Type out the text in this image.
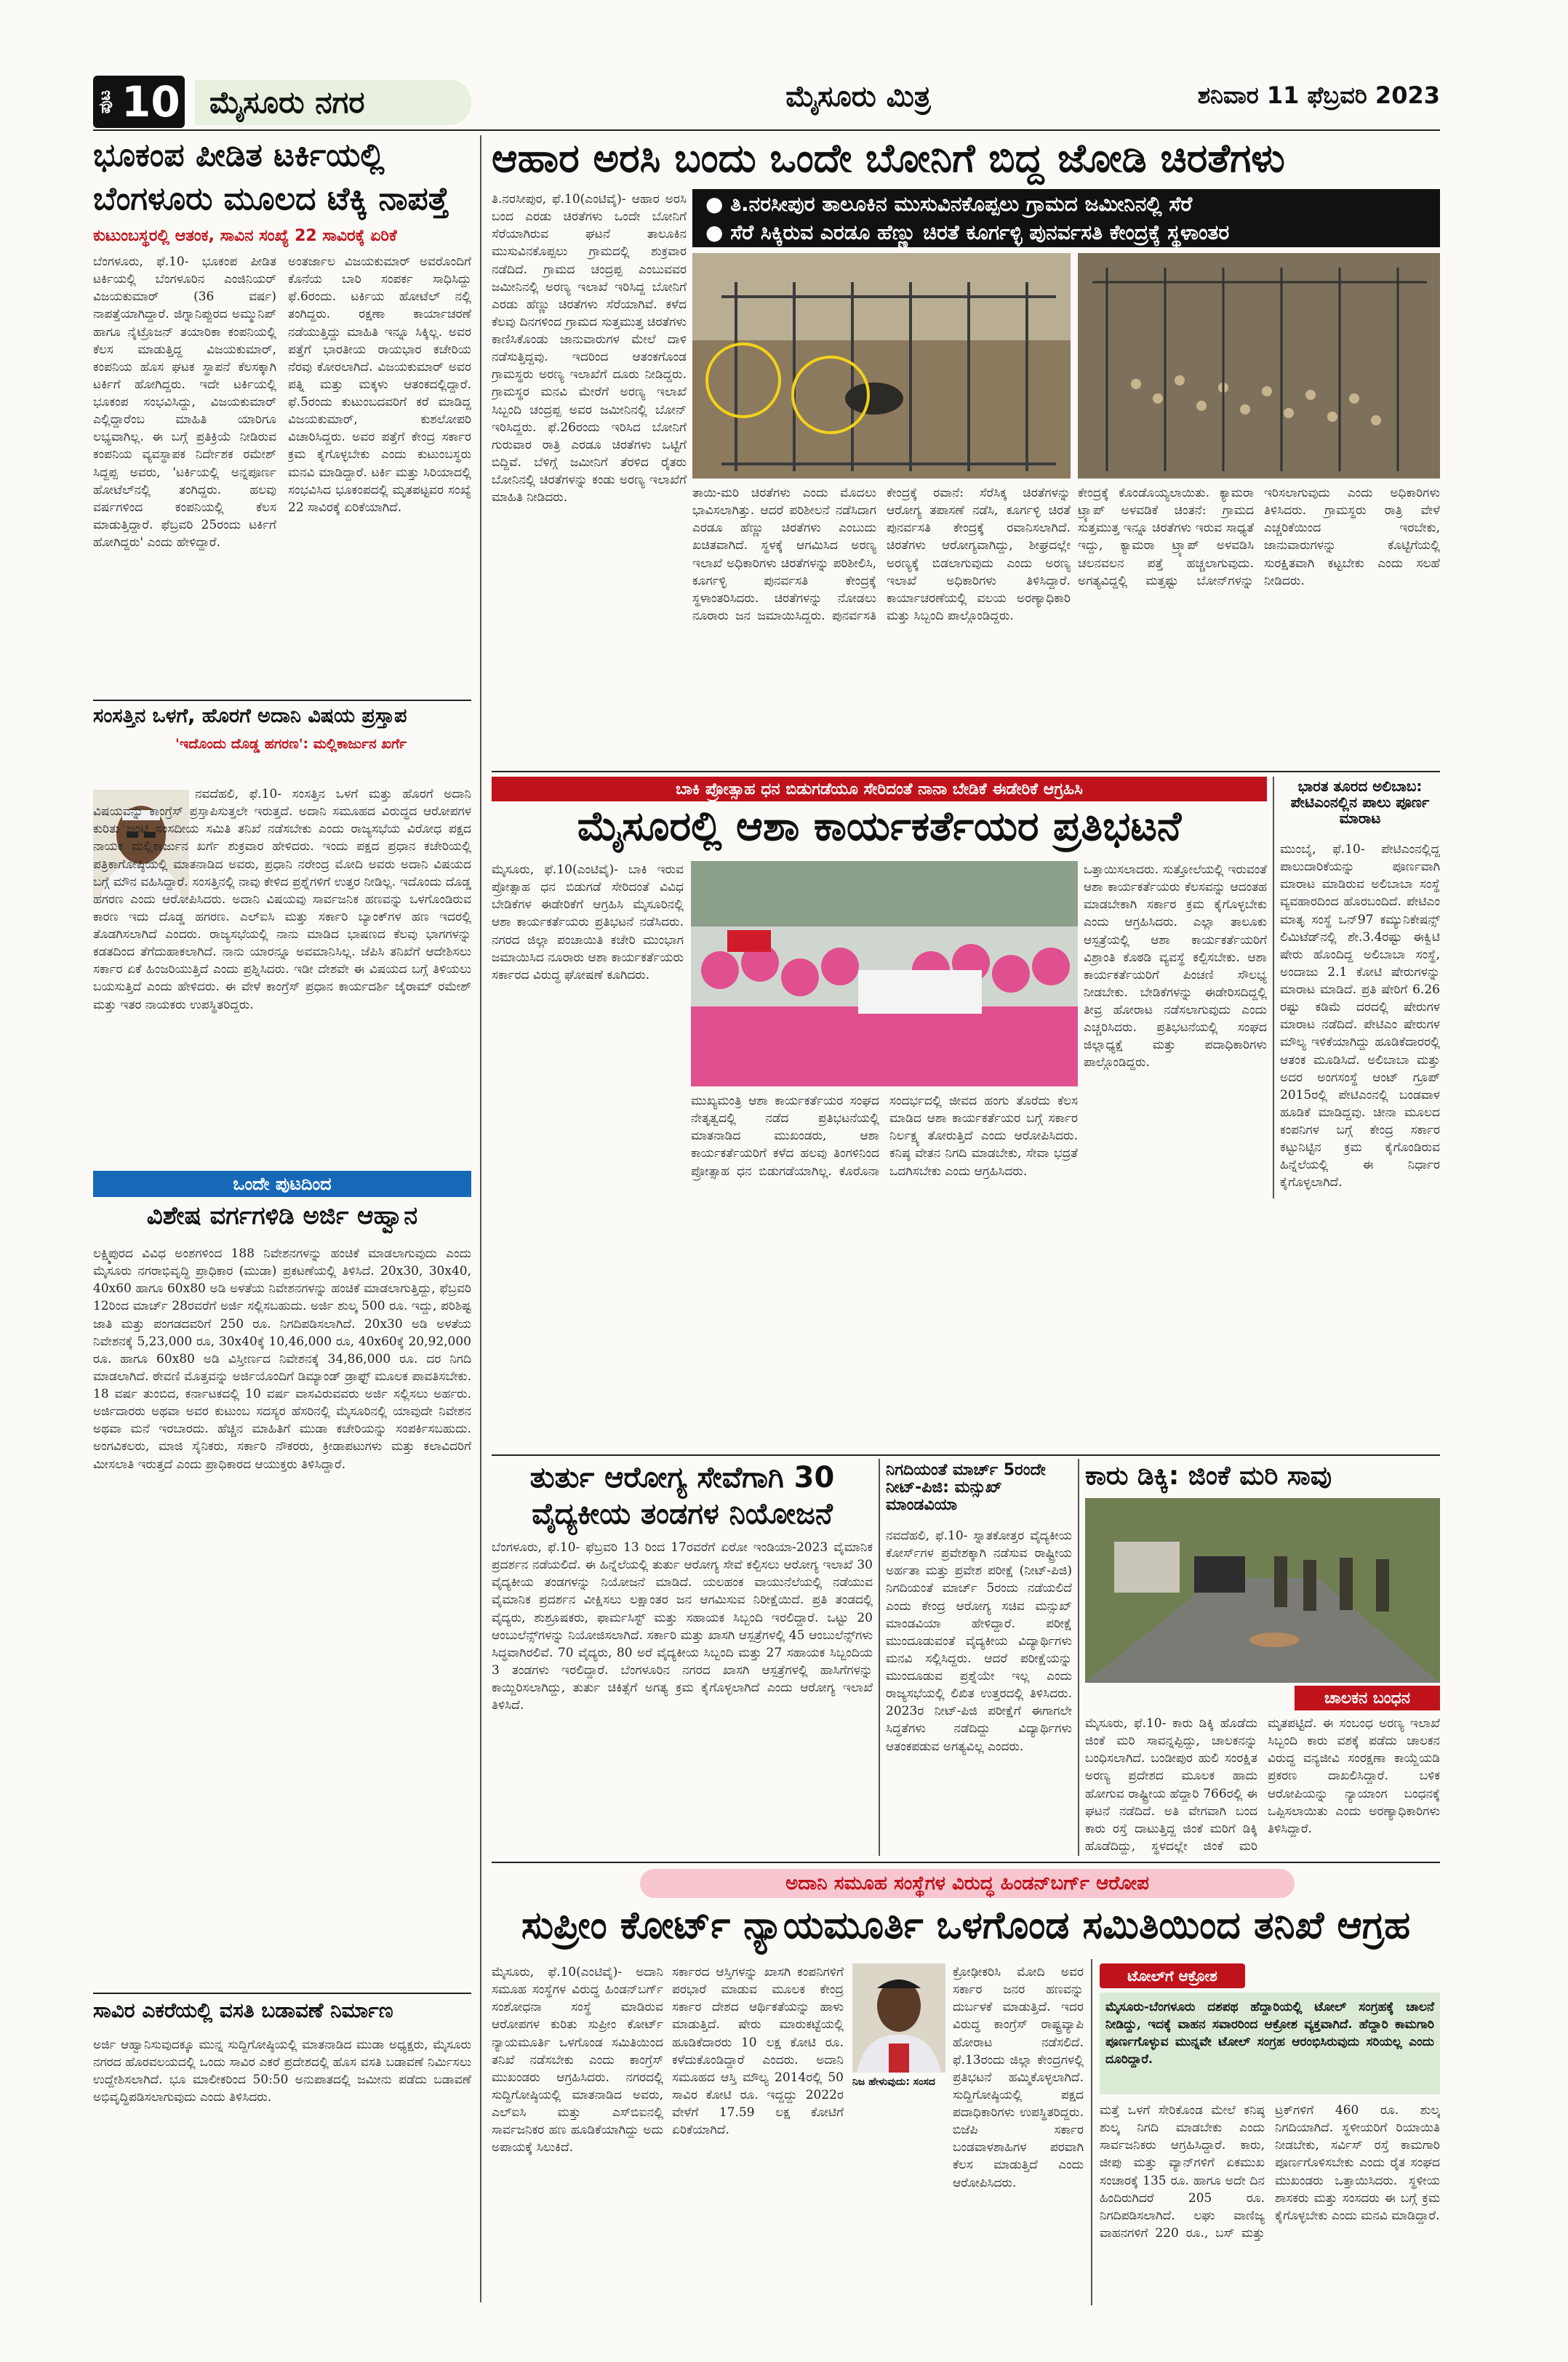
ಪುಟ 10 ಮೈಸೂರು ನಗರ	ಮೈಸೂರು ಮಿತ್ರ	ಶನಿವಾರ 11 ಫೆಬ್ರವರಿ 2023
ಭೂಕಂಪ ಪೀಡಿತ ಟರ್ಕಿಯಲ್ಲಿ
ಬೆಂಗಳೂರು ಮೂಲದ ಟೆಕ್ಕಿ ನಾಪತ್ತೆ
ಕುಟುಂಬಸ್ಥರಲ್ಲಿ ಆತಂಕ, ಸಾವಿನ ಸಂಖ್ಯೆ 22 ಸಾವಿರಕ್ಕೆ ಏರಿಕೆ
ಬೆಂಗಳೂರು, ಫೆ.10- ಭೂಕಂಪ ಪೀಡಿತ ಟರ್ಕಿಯಲ್ಲಿ ಬೆಂಗಳೂರಿನ ಎಂಜಿನಿಯರ್ ವಿಜಯಕುಮಾರ್ (36 ವರ್ಷ) ನಾಪತ್ತೆಯಾಗಿದ್ದಾರೆ. ಜಿಗ್ನಾನಿಪ್ಪುರದ ಅಮ್ಮುನಿಪ್ ಹಾಗೂ ನೈಟ್ರೊಜನ್ ತಯಾರಿಕಾ ಕಂಪನಿಯಲ್ಲಿ ಕೆಲಸ ಮಾಡುತ್ತಿದ್ದ ವಿಜಯಕುಮಾರ್, ಕಂಪನಿಯ ಹೊಸ ಘಟಕ ಸ್ಥಾಪನೆ ಕೆಲಸಕ್ಕಾಗಿ ಟರ್ಕಿಗೆ ಹೋಗಿದ್ದರು. ಇದೇ ಟರ್ಕಿಯಲ್ಲಿ ಭೂಕಂಪ ಸಂಭವಿಸಿದ್ದು, ವಿಜಯಕುಮಾರ್ ಎಲ್ಲಿದ್ದಾರೆಂಬ ಮಾಹಿತಿ ಯಾರಿಗೂ ಲಭ್ಯವಾಗಿಲ್ಲ. ಈ ಬಗ್ಗೆ ಪ್ರತಿಕ್ರಿಯೆ ನೀಡಿರುವ ಕಂಪನಿಯ ವ್ಯವಸ್ಥಾಪಕ ನಿರ್ದೇಶಕ ರಮೇಶ್ ಸಿದ್ದಪ್ಪ ಅವರು, 'ಟರ್ಕಿಯಲ್ಲಿ ಅನ್ನಪೂರ್ಣ ಹೋಟೆಲ್‌ನಲ್ಲಿ ತಂಗಿದ್ದರು. ಹಲವು ವರ್ಷಗಳಿಂದ ಕಂಪನಿಯಲ್ಲಿ ಕೆಲಸ ಮಾಡುತ್ತಿದ್ದಾರೆ. ಫೆಬ್ರವರಿ 25ರಂದು ಟರ್ಕಿಗೆ ಹೋಗಿದ್ದರು' ಎಂದು ಹೇಳಿದ್ದಾರೆ.
ಅಂತರ್ಜಾಲ ವಿಜಯಕುಮಾರ್ ಅವರೊಂದಿಗೆ ಕೊನೆಯ ಬಾರಿ ಸಂಪರ್ಕ ಸಾಧಿಸಿದ್ದು ಫೆ.6ರಂದು. ಟರ್ಕಿಯ ಹೋಟೆಲ್ ನಲ್ಲಿ ತಂಗಿದ್ದರು. ರಕ್ಷಣಾ ಕಾರ್ಯಾಚರಣೆ ನಡೆಯುತ್ತಿದ್ದು ಮಾಹಿತಿ ಇನ್ನೂ ಸಿಕ್ಕಿಲ್ಲ. ಅವರ ಪತ್ತೆಗೆ ಭಾರತೀಯ ರಾಯಭಾರ ಕಚೇರಿಯ ನೆರವು ಕೋರಲಾಗಿದೆ. ವಿಜಯಕುಮಾರ್ ಅವರ ಪತ್ನಿ ಮತ್ತು ಮಕ್ಕಳು ಆತಂಕದಲ್ಲಿದ್ದಾರೆ. ಫೆ.5ರಂದು ಕುಟುಂಬದವರಿಗೆ ಕರೆ ಮಾಡಿದ್ದ ವಿಜಯಕುಮಾರ್, ಕುಶಲೋಪರಿ ವಿಚಾರಿಸಿದ್ದರು. ಅವರ ಪತ್ತೆಗೆ ಕೇಂದ್ರ ಸರ್ಕಾರ ಕ್ರಮ ಕೈಗೊಳ್ಳಬೇಕು ಎಂದು ಕುಟುಂಬಸ್ಥರು ಮನವಿ ಮಾಡಿದ್ದಾರೆ. ಟರ್ಕಿ ಮತ್ತು ಸಿರಿಯಾದಲ್ಲಿ ಸಂಭವಿಸಿದ ಭೂಕಂಪದಲ್ಲಿ ಮೃತಪಟ್ಟವರ ಸಂಖ್ಯೆ 22 ಸಾವಿರಕ್ಕೆ ಏರಿಕೆಯಾಗಿದೆ.
ಸಂಸತ್ತಿನ ಒಳಗೆ, ಹೊರಗೆ ಅದಾನಿ ವಿಷಯ ಪ್ರಸ್ತಾಪ
'ಇದೊಂದು ದೊಡ್ಡ ಹಗರಣ': ಮಲ್ಲಿಕಾರ್ಜುನ ಖರ್ಗೆ
ನವದೆಹಲಿ, ಫೆ.10- ಸಂಸತ್ತಿನ ಒಳಗೆ ಮತ್ತು ಹೊರಗೆ ಅದಾನಿ ವಿಷಯವನ್ನು ಕಾಂಗ್ರೆಸ್ ಪ್ರಸ್ತಾಪಿಸುತ್ತಲೇ ಇರುತ್ತದೆ. ಅದಾನಿ ಸಮೂಹದ ವಿರುದ್ಧದ ಆರೋಪಗಳ ಕುರಿತು ಜಂಟಿ ಸಂಸದೀಯ ಸಮಿತಿ ತನಿಖೆ ನಡೆಸಬೇಕು ಎಂದು ರಾಜ್ಯಸಭೆಯ ವಿರೋಧ ಪಕ್ಷದ ನಾಯಕ ಮಲ್ಲಿಕಾರ್ಜುನ ಖರ್ಗೆ ಶುಕ್ರವಾರ ಹೇಳಿದರು. ಇಂದು ಪಕ್ಷದ ಪ್ರಧಾನ ಕಚೇರಿಯಲ್ಲಿ ಪತ್ರಿಕಾಗೋಷ್ಠಿಯಲ್ಲಿ ಮಾತನಾಡಿದ ಅವರು, ಪ್ರಧಾನಿ ನರೇಂದ್ರ ಮೋದಿ ಅವರು ಅದಾನಿ ವಿಷಯದ ಬಗ್ಗೆ ಮೌನ ವಹಿಸಿದ್ದಾರೆ. ಸಂಸತ್ತಿನಲ್ಲಿ ನಾವು ಕೇಳಿದ ಪ್ರಶ್ನೆಗಳಿಗೆ ಉತ್ತರ ನೀಡಿಲ್ಲ. ಇದೊಂದು ದೊಡ್ಡ ಹಗರಣ ಎಂದು ಆರೋಪಿಸಿದರು. ಅದಾನಿ ವಿಷಯವು ಸಾರ್ವಜನಿಕ ಹಣವನ್ನು ಒಳಗೊಂಡಿರುವ ಕಾರಣ ಇದು ದೊಡ್ಡ ಹಗರಣ. ಎಲ್‌ಐಸಿ ಮತ್ತು ಸರ್ಕಾರಿ ಬ್ಯಾಂಕ್‌ಗಳ ಹಣ ಇದರಲ್ಲಿ ತೊಡಗಿಸಲಾಗಿದೆ ಎಂದರು. ರಾಜ್ಯಸಭೆಯಲ್ಲಿ ನಾನು ಮಾಡಿದ ಭಾಷಣದ ಕೆಲವು ಭಾಗಗಳನ್ನು ಕಡತದಿಂದ ತೆಗೆದುಹಾಕಲಾಗಿದೆ. ನಾನು ಯಾರನ್ನೂ ಅವಮಾನಿಸಿಲ್ಲ. ಜೆಪಿಸಿ ತನಿಖೆಗೆ ಆದೇಶಿಸಲು ಸರ್ಕಾರ ಏಕೆ ಹಿಂಜರಿಯುತ್ತಿದೆ ಎಂದು ಪ್ರಶ್ನಿಸಿದರು. ಇಡೀ ದೇಶವೇ ಈ ವಿಷಯದ ಬಗ್ಗೆ ತಿಳಿಯಲು ಬಯಸುತ್ತಿದೆ ಎಂದು ಹೇಳಿದರು. ಈ ವೇಳೆ ಕಾಂಗ್ರೆಸ್ ಪ್ರಧಾನ ಕಾರ್ಯದರ್ಶಿ ಜೈರಾಮ್ ರಮೇಶ್ ಮತ್ತು ಇತರ ನಾಯಕರು ಉಪಸ್ಥಿತರಿದ್ದರು.
ಒಂದೇ ಪುಟದಿಂದ
ವಿಶೇಷ ವರ್ಗಗಳಿಡಿ ಅರ್ಜಿ ಆಹ್ವಾನ
ಲಕ್ಷ್ಮಿಪುರದ ವಿವಿಧ ಅಂಶಗಳಿಂದ 188 ನಿವೇಶನಗಳನ್ನು ಹಂಚಿಕೆ ಮಾಡಲಾಗುವುದು ಎಂದು ಮೈಸೂರು ನಗರಾಭಿವೃದ್ಧಿ ಪ್ರಾಧಿಕಾರ (ಮುಡಾ) ಪ್ರಕಟಣೆಯಲ್ಲಿ ತಿಳಿಸಿದೆ. 20x30, 30x40, 40x60 ಹಾಗೂ 60x80 ಅಡಿ ಅಳತೆಯ ನಿವೇಶನಗಳನ್ನು ಹಂಚಿಕೆ ಮಾಡಲಾಗುತ್ತಿದ್ದು, ಫೆಬ್ರವರಿ 12ರಿಂದ ಮಾರ್ಚ್ 28ರವರೆಗೆ ಅರ್ಜಿ ಸಲ್ಲಿಸಬಹುದು. ಅರ್ಜಿ ಶುಲ್ಕ 500 ರೂ. ಇದ್ದು, ಪರಿಶಿಷ್ಟ ಜಾತಿ ಮತ್ತು ಪಂಗಡದವರಿಗೆ 250 ರೂ. ನಿಗದಿಪಡಿಸಲಾಗಿದೆ. 20x30 ಅಡಿ ಅಳತೆಯ ನಿವೇಶನಕ್ಕೆ 5,23,000 ರೂ, 30x40ಕ್ಕೆ 10,46,000 ರೂ, 40x60ಕ್ಕೆ 20,92,000 ರೂ. ಹಾಗೂ 60x80 ಅಡಿ ವಿಸ್ತೀರ್ಣದ ನಿವೇಶನಕ್ಕೆ 34,86,000 ರೂ. ದರ ನಿಗದಿ ಮಾಡಲಾಗಿದೆ. ಠೇವಣಿ ಮೊತ್ತವನ್ನು ಅರ್ಜಿಯೊಂದಿಗೆ ಡಿಮ್ಯಾಂಡ್ ಡ್ರಾಫ್ಟ್ ಮೂಲಕ ಪಾವತಿಸಬೇಕು. 18 ವರ್ಷ ತುಂಬಿದ, ಕರ್ನಾಟಕದಲ್ಲಿ 10 ವರ್ಷ ವಾಸವಿರುವವರು ಅರ್ಜಿ ಸಲ್ಲಿಸಲು ಅರ್ಹರು. ಅರ್ಜಿದಾರರು ಅಥವಾ ಅವರ ಕುಟುಂಬ ಸದಸ್ಯರ ಹೆಸರಿನಲ್ಲಿ ಮೈಸೂರಿನಲ್ಲಿ ಯಾವುದೇ ನಿವೇಶನ ಅಥವಾ ಮನೆ ಇರಬಾರದು. ಹೆಚ್ಚಿನ ಮಾಹಿತಿಗೆ ಮುಡಾ ಕಚೇರಿಯನ್ನು ಸಂಪರ್ಕಿಸಬಹುದು. ಅಂಗವಿಕಲರು, ಮಾಜಿ ಸೈನಿಕರು, ಸರ್ಕಾರಿ ನೌಕರರು, ಕ್ರೀಡಾಪಟುಗಳು ಮತ್ತು ಕಲಾವಿದರಿಗೆ ಮೀಸಲಾತಿ ಇರುತ್ತದೆ ಎಂದು ಪ್ರಾಧಿಕಾರದ ಆಯುಕ್ತರು ತಿಳಿಸಿದ್ದಾರೆ.
ಸಾವಿರ ಎಕರೆಯಲ್ಲಿ ವಸತಿ ಬಡಾವಣೆ ನಿರ್ಮಾಣ
ಅರ್ಜಿ ಆಹ್ವಾನಿಸುವುದಕ್ಕೂ ಮುನ್ನ ಸುದ್ದಿಗೋಷ್ಠಿಯಲ್ಲಿ ಮಾತನಾಡಿದ ಮುಡಾ ಅಧ್ಯಕ್ಷರು, ಮೈಸೂರು ನಗರದ ಹೊರವಲಯದಲ್ಲಿ ಒಂದು ಸಾವಿರ ಎಕರೆ ಪ್ರದೇಶದಲ್ಲಿ ಹೊಸ ವಸತಿ ಬಡಾವಣೆ ನಿರ್ಮಿಸಲು ಉದ್ದೇಶಿಸಲಾಗಿದೆ. ಭೂ ಮಾಲೀಕರಿಂದ 50:50 ಅನುಪಾತದಲ್ಲಿ ಜಮೀನು ಪಡೆದು ಬಡಾವಣೆ ಅಭಿವೃದ್ಧಿಪಡಿಸಲಾಗುವುದು ಎಂದು ತಿಳಿಸಿದರು.
ಆಹಾರ ಅರಸಿ ಬಂದು ಒಂದೇ ಬೋನಿಗೆ ಬಿದ್ದ ಜೋಡಿ ಚಿರತೆಗಳು
ತಿ.ನರಸೀಪುರ, ಫೆ.10(ಎಂಟಿವೈ)- ಆಹಾರ ಅರಸಿ ಬಂದ ಎರಡು ಚಿರತೆಗಳು ಒಂದೇ ಬೋನಿಗೆ ಸೆರೆಯಾಗಿರುವ ಘಟನೆ ತಾಲೂಕಿನ ಮುಸುವಿನಕೊಪ್ಪಲು ಗ್ರಾಮದಲ್ಲಿ ಶುಕ್ರವಾರ ನಡೆದಿದೆ. ಗ್ರಾಮದ ಚಂದ್ರಪ್ಪ ಎಂಬುವವರ ಜಮೀನಿನಲ್ಲಿ ಅರಣ್ಯ ಇಲಾಖೆ ಇರಿಸಿದ್ದ ಬೋನಿಗೆ ಎರಡು ಹೆಣ್ಣು ಚಿರತೆಗಳು ಸೆರೆಯಾಗಿವೆ. ಕಳೆದ ಕೆಲವು ದಿನಗಳಿಂದ ಗ್ರಾಮದ ಸುತ್ತಮುತ್ತ ಚಿರತೆಗಳು ಕಾಣಿಸಿಕೊಂಡು ಜಾನುವಾರುಗಳ ಮೇಲೆ ದಾಳಿ ನಡೆಸುತ್ತಿದ್ದವು. ಇದರಿಂದ ಆತಂಕಗೊಂಡ ಗ್ರಾಮಸ್ಥರು ಅರಣ್ಯ ಇಲಾಖೆಗೆ ದೂರು ನೀಡಿದ್ದರು. ಗ್ರಾಮಸ್ಥರ ಮನವಿ ಮೇರೆಗೆ ಅರಣ್ಯ ಇಲಾಖೆ ಸಿಬ್ಬಂದಿ ಚಂದ್ರಪ್ಪ ಅವರ ಜಮೀನಿನಲ್ಲಿ ಬೋನ್ ಇರಿಸಿದ್ದರು. ಫೆ.26ರಂದು ಇರಿಸಿದ ಬೋನಿಗೆ ಗುರುವಾರ ರಾತ್ರಿ ಎರಡೂ ಚಿರತೆಗಳು ಒಟ್ಟಿಗೆ ಬಿದ್ದಿವೆ. ಬೆಳಿಗ್ಗೆ ಜಮೀನಿಗೆ ತೆರಳಿದ ರೈತರು ಬೋನಿನಲ್ಲಿ ಚಿರತೆಗಳನ್ನು ಕಂಡು ಅರಣ್ಯ ಇಲಾಖೆಗೆ ಮಾಹಿತಿ ನೀಡಿದರು.
● ತಿ.ನರಸೀಪುರ ತಾಲೂಕಿನ ಮುಸುವಿನಕೊಪ್ಪಲು ಗ್ರಾಮದ ಜಮೀನಿನಲ್ಲಿ ಸೆರೆ
● ಸೆರೆ ಸಿಕ್ಕಿರುವ ಎರಡೂ ಹೆಣ್ಣು ಚಿರತೆ ಕೂರ್ಗಳ್ಳಿ ಪುನರ್ವಸತಿ ಕೇಂದ್ರಕ್ಕೆ ಸ್ಥಳಾಂತರ
ತಾಯಿ-ಮರಿ ಚಿರತೆಗಳು ಎಂದು ಮೊದಲು ಭಾವಿಸಲಾಗಿತ್ತು. ಆದರೆ ಪರಿಶೀಲನೆ ನಡೆಸಿದಾಗ ಎರಡೂ ಹೆಣ್ಣು ಚಿರತೆಗಳು ಎಂಬುದು ಖಚಿತವಾಗಿದೆ. ಸ್ಥಳಕ್ಕೆ ಆಗಮಿಸಿದ ಅರಣ್ಯ ಇಲಾಖೆ ಅಧಿಕಾರಿಗಳು ಚಿರತೆಗಳನ್ನು ಪರಿಶೀಲಿಸಿ, ಕೂರ್ಗಳ್ಳಿ ಪುನರ್ವಸತಿ ಕೇಂದ್ರಕ್ಕೆ ಸ್ಥಳಾಂತರಿಸಿದರು. ಚಿರತೆಗಳನ್ನು ನೋಡಲು ನೂರಾರು ಜನ ಜಮಾಯಿಸಿದ್ದರು. ಪುನರ್ವಸತಿ ಕೇಂದ್ರಕ್ಕೆ ರವಾನೆ: ಸೆರೆಸಿಕ್ಕ ಚಿರತೆಗಳನ್ನು ಆರೋಗ್ಯ ತಪಾಸಣೆ ನಡೆಸಿ, ಕೂರ್ಗಳ್ಳಿ ಚಿರತೆ ಪುನರ್ವಸತಿ ಕೇಂದ್ರಕ್ಕೆ ರವಾನಿಸಲಾಗಿದೆ. ಚಿರತೆಗಳು ಆರೋಗ್ಯವಾಗಿದ್ದು, ಶೀಘ್ರದಲ್ಲೇ ಅರಣ್ಯಕ್ಕೆ ಬಿಡಲಾಗುವುದು ಎಂದು ಅರಣ್ಯ ಇಲಾಖೆ ಅಧಿಕಾರಿಗಳು ತಿಳಿಸಿದ್ದಾರೆ. ಕಾರ್ಯಾಚರಣೆಯಲ್ಲಿ ವಲಯ ಅರಣ್ಯಾಧಿಕಾರಿ ಮತ್ತು ಸಿಬ್ಬಂದಿ ಪಾಲ್ಗೊಂಡಿದ್ದರು.
ಕೇಂದ್ರಕ್ಕೆ ಕೊಂಡೊಯ್ಯಲಾಯಿತು. ಕ್ಯಾಮರಾ ಟ್ರ್ಯಾಪ್ ಅಳವಡಿಕೆ ಚಿಂತನೆ: ಗ್ರಾಮದ ಸುತ್ತಮುತ್ತ ಇನ್ನೂ ಚಿರತೆಗಳು ಇರುವ ಸಾಧ್ಯತೆ ಇದ್ದು, ಕ್ಯಾಮರಾ ಟ್ರ್ಯಾಪ್ ಅಳವಡಿಸಿ ಚಲನವಲನ ಪತ್ತೆ ಹಚ್ಚಲಾಗುವುದು. ಅಗತ್ಯವಿದ್ದಲ್ಲಿ ಮತ್ತಷ್ಟು ಬೋನ್‌ಗಳನ್ನು ಇರಿಸಲಾಗುವುದು ಎಂದು ಅಧಿಕಾರಿಗಳು ತಿಳಿಸಿದರು. ಗ್ರಾಮಸ್ಥರು ರಾತ್ರಿ ವೇಳೆ ಎಚ್ಚರಿಕೆಯಿಂದ ಇರಬೇಕು, ಜಾನುವಾರುಗಳನ್ನು ಕೊಟ್ಟಿಗೆಯಲ್ಲಿ ಸುರಕ್ಷಿತವಾಗಿ ಕಟ್ಟಬೇಕು ಎಂದು ಸಲಹೆ ನೀಡಿದರು.
ಬಾಕಿ ಪ್ರೋತ್ಸಾಹ ಧನ ಬಿಡುಗಡೆಯೂ ಸೇರಿದಂತೆ ನಾನಾ ಬೇಡಿಕೆ ಈಡೇರಿಕೆ ಆಗ್ರಹಿಸಿ
ಮೈಸೂರಲ್ಲಿ ಆಶಾ ಕಾರ್ಯಕರ್ತೆಯರ ಪ್ರತಿಭಟನೆ
ಮೈಸೂರು, ಫೆ.10(ಎಂಟಿವೈ)- ಬಾಕಿ ಇರುವ ಪ್ರೋತ್ಸಾಹ ಧನ ಬಿಡುಗಡೆ ಸೇರಿದಂತೆ ವಿವಿಧ ಬೇಡಿಕೆಗಳ ಈಡೇರಿಕೆಗೆ ಆಗ್ರಹಿಸಿ ಮೈಸೂರಿನಲ್ಲಿ ಆಶಾ ಕಾರ್ಯಕರ್ತೆಯರು ಪ್ರತಿಭಟನೆ ನಡೆಸಿದರು. ನಗರದ ಜಿಲ್ಲಾ ಪಂಚಾಯಿತಿ ಕಚೇರಿ ಮುಂಭಾಗ ಜಮಾಯಿಸಿದ ನೂರಾರು ಆಶಾ ಕಾರ್ಯಕರ್ತೆಯರು ಸರ್ಕಾರದ ವಿರುದ್ಧ ಘೋಷಣೆ ಕೂಗಿದರು.
ಮುಖ್ಯಮಂತ್ರಿ ಆಶಾ ಕಾರ್ಯಕರ್ತೆಯರ ಸಂಘದ ನೇತೃತ್ವದಲ್ಲಿ ನಡೆದ ಪ್ರತಿಭಟನೆಯಲ್ಲಿ ಮಾತನಾಡಿದ ಮುಖಂಡರು, ಆಶಾ ಕಾರ್ಯಕರ್ತೆಯರಿಗೆ ಕಳೆದ ಹಲವು ತಿಂಗಳಿನಿಂದ ಪ್ರೋತ್ಸಾಹ ಧನ ಬಿಡುಗಡೆಯಾಗಿಲ್ಲ. ಕೊರೊನಾ ಸಂದರ್ಭದಲ್ಲಿ ಜೀವದ ಹಂಗು ತೊರೆದು ಕೆಲಸ ಮಾಡಿದ ಆಶಾ ಕಾರ್ಯಕರ್ತೆಯರ ಬಗ್ಗೆ ಸರ್ಕಾರ ನಿರ್ಲಕ್ಷ್ಯ ತೋರುತ್ತಿದೆ ಎಂದು ಆರೋಪಿಸಿದರು. ಕನಿಷ್ಠ ವೇತನ ನಿಗದಿ ಮಾಡಬೇಕು, ಸೇವಾ ಭದ್ರತೆ ಒದಗಿಸಬೇಕು ಎಂದು ಆಗ್ರಹಿಸಿದರು.
ಒತ್ತಾಯಿಸಲಾದರು. ಸುತ್ತೋಲೆಯಲ್ಲಿ ಇರುವಂತೆ ಆಶಾ ಕಾರ್ಯಕರ್ತೆಯರು ಕೆಲಸವನ್ನು ಆದಂತಹ ಮಾಡಬೇಕಾಗಿ ಸರ್ಕಾರ ಕ್ರಮ ಕೈಗೊಳ್ಳಬೇಕು ಎಂದು ಆಗ್ರಹಿಸಿದರು. ಎಲ್ಲಾ ತಾಲೂಕು ಆಸ್ಪತ್ರೆಯಲ್ಲಿ ಆಶಾ ಕಾರ್ಯಕರ್ತೆಯರಿಗೆ ವಿಶ್ರಾಂತಿ ಕೊಠಡಿ ವ್ಯವಸ್ಥೆ ಕಲ್ಪಿಸಬೇಕು. ಆಶಾ ಕಾರ್ಯಕರ್ತೆಯರಿಗೆ ಪಿಂಚಣಿ ಸೌಲಭ್ಯ ನೀಡಬೇಕು. ಬೇಡಿಕೆಗಳನ್ನು ಈಡೇರಿಸದಿದ್ದಲ್ಲಿ ತೀವ್ರ ಹೋರಾಟ ನಡೆಸಲಾಗುವುದು ಎಂದು ಎಚ್ಚರಿಸಿದರು. ಪ್ರತಿಭಟನೆಯಲ್ಲಿ ಸಂಘದ ಜಿಲ್ಲಾಧ್ಯಕ್ಷೆ ಮತ್ತು ಪದಾಧಿಕಾರಿಗಳು ಪಾಲ್ಗೊಂಡಿದ್ದರು.
ಭಾರತ ತೂರದ ಅಲಿಬಾಬ: ಪೇಟಿಎಂನಲ್ಲಿನ ಪಾಲು ಪೂರ್ಣ ಮಾರಾಟ
ಮುಂಬೈ, ಫೆ.10- ಪೇಟಿಎಂನಲ್ಲಿದ್ದ ಪಾಲುದಾರಿಕೆಯನ್ನು ಪೂರ್ಣವಾಗಿ ಮಾರಾಟ ಮಾಡಿರುವ ಅಲಿಬಾಬಾ ಸಂಸ್ಥೆ ವ್ಯವಹಾರದಿಂದ ಹೊರಬಂದಿದೆ. ಪೇಟಿಎಂ ಮಾತೃ ಸಂಸ್ಥೆ ಒನ್97 ಕಮ್ಯುನಿಕೇಷನ್ಸ್ ಲಿಮಿಟೆಡ್‌ನಲ್ಲಿ ಶೇ.3.4ರಷ್ಟು ಈಕ್ವಿಟಿ ಷೇರು ಹೊಂದಿದ್ದ ಅಲಿಬಾಬಾ ಸಂಸ್ಥೆ, ಅಂದಾಜು 2.1 ಕೋಟಿ ಷೇರುಗಳನ್ನು ಮಾರಾಟ ಮಾಡಿದೆ. ಪ್ರತಿ ಷೇರಿಗೆ 6.26 ರಷ್ಟು ಕಡಿಮೆ ದರದಲ್ಲಿ ಷೇರುಗಳ ಮಾರಾಟ ನಡೆದಿದೆ. ಪೇಟಿಎಂ ಷೇರುಗಳ ಮೌಲ್ಯ ಇಳಿಕೆಯಾಗಿದ್ದು ಹೂಡಿಕೆದಾರರಲ್ಲಿ ಆತಂಕ ಮೂಡಿಸಿದೆ. ಅಲಿಬಾಬಾ ಮತ್ತು ಅದರ ಅಂಗಸಂಸ್ಥೆ ಆಂಟ್ ಗ್ರೂಪ್ 2015ರಲ್ಲಿ ಪೇಟಿಎಂನಲ್ಲಿ ಬಂಡವಾಳ ಹೂಡಿಕೆ ಮಾಡಿದ್ದವು. ಚೀನಾ ಮೂಲದ ಕಂಪನಿಗಳ ಬಗ್ಗೆ ಕೇಂದ್ರ ಸರ್ಕಾರ ಕಟ್ಟುನಿಟ್ಟಿನ ಕ್ರಮ ಕೈಗೊಂಡಿರುವ ಹಿನ್ನೆಲೆಯಲ್ಲಿ ಈ ನಿರ್ಧಾರ ಕೈಗೊಳ್ಳಲಾಗಿದೆ.
ತುರ್ತು ಆರೋಗ್ಯ ಸೇವೆಗಾಗಿ 30
ವೈದ್ಯಕೀಯ ತಂಡಗಳ ನಿಯೋಜನೆ
ಬೆಂಗಳೂರು, ಫೆ.10- ಫೆಬ್ರವರಿ 13 ರಿಂದ 17ರವರೆಗೆ ಏರೋ ಇಂಡಿಯಾ-2023 ವೈಮಾನಿಕ ಪ್ರದರ್ಶನ ನಡೆಯಲಿದೆ. ಈ ಹಿನ್ನೆಲೆಯಲ್ಲಿ ತುರ್ತು ಆರೋಗ್ಯ ಸೇವೆ ಕಲ್ಪಿಸಲು ಆರೋಗ್ಯ ಇಲಾಖೆ 30 ವೈದ್ಯಕೀಯ ತಂಡಗಳನ್ನು ನಿಯೋಜನೆ ಮಾಡಿದೆ. ಯಲಹಂಕ ವಾಯುನೆಲೆಯಲ್ಲಿ ನಡೆಯುವ ವೈಮಾನಿಕ ಪ್ರದರ್ಶನ ವೀಕ್ಷಿಸಲು ಲಕ್ಷಾಂತರ ಜನ ಆಗಮಿಸುವ ನಿರೀಕ್ಷೆಯಿದೆ. ಪ್ರತಿ ತಂಡದಲ್ಲಿ ವೈದ್ಯರು, ಶುಶ್ರೂಷಕರು, ಫಾರ್ಮಸಿಸ್ಟ್ ಮತ್ತು ಸಹಾಯಕ ಸಿಬ್ಬಂದಿ ಇರಲಿದ್ದಾರೆ. ಒಟ್ಟು 20 ಆಂಬುಲೆನ್ಸ್‌ಗಳನ್ನು ನಿಯೋಜಿಸಲಾಗಿದೆ. ಸರ್ಕಾರಿ ಮತ್ತು ಖಾಸಗಿ ಆಸ್ಪತ್ರೆಗಳಲ್ಲಿ 45 ಆಂಬುಲೆನ್ಸ್‌ಗಳು ಸಿದ್ಧವಾಗಿರಲಿವೆ. 70 ವೈದ್ಯರು, 80 ಅರೆ ವೈದ್ಯಕೀಯ ಸಿಬ್ಬಂದಿ ಮತ್ತು 27 ಸಹಾಯಕ ಸಿಬ್ಬಂದಿಯ 3 ತಂಡಗಳು ಇರಲಿದ್ದಾರೆ. ಬೆಂಗಳೂರಿನ ನಗರದ ಖಾಸಗಿ ಆಸ್ಪತ್ರೆಗಳಲ್ಲಿ ಹಾಸಿಗೆಗಳನ್ನು ಕಾಯ್ದಿರಿಸಲಾಗಿದ್ದು, ತುರ್ತು ಚಿಕಿತ್ಸೆಗೆ ಅಗತ್ಯ ಕ್ರಮ ಕೈಗೊಳ್ಳಲಾಗಿದೆ ಎಂದು ಆರೋಗ್ಯ ಇಲಾಖೆ ತಿಳಿಸಿದೆ.
ನಿಗದಿಯಂತೆ ಮಾರ್ಚ್ 5ರಂದೇ ನೀಟ್-ಪಿಜಿ: ಮನ್ಸುಖ್ ಮಾಂಡವಿಯಾ
ನವದೆಹಲಿ, ಫೆ.10- ಸ್ನಾತಕೋತ್ತರ ವೈದ್ಯಕೀಯ ಕೋರ್ಸ್‌ಗಳ ಪ್ರವೇಶಕ್ಕಾಗಿ ನಡೆಸುವ ರಾಷ್ಟ್ರೀಯ ಅರ್ಹತಾ ಮತ್ತು ಪ್ರವೇಶ ಪರೀಕ್ಷೆ (ನೀಟ್-ಪಿಜಿ) ನಿಗದಿಯಂತೆ ಮಾರ್ಚ್ 5ರಂದು ನಡೆಯಲಿದೆ ಎಂದು ಕೇಂದ್ರ ಆರೋಗ್ಯ ಸಚಿವ ಮನ್ಸುಖ್ ಮಾಂಡವಿಯಾ ಹೇಳಿದ್ದಾರೆ. ಪರೀಕ್ಷೆ ಮುಂದೂಡುವಂತೆ ವೈದ್ಯಕೀಯ ವಿದ್ಯಾರ್ಥಿಗಳು ಮನವಿ ಸಲ್ಲಿಸಿದ್ದರು. ಆದರೆ ಪರೀಕ್ಷೆಯನ್ನು ಮುಂದೂಡುವ ಪ್ರಶ್ನೆಯೇ ಇಲ್ಲ ಎಂದು ರಾಜ್ಯಸಭೆಯಲ್ಲಿ ಲಿಖಿತ ಉತ್ತರದಲ್ಲಿ ತಿಳಿಸಿದರು. 2023ರ ನೀಟ್-ಪಿಜಿ ಪರೀಕ್ಷೆಗೆ ಈಗಾಗಲೇ ಸಿದ್ಧತೆಗಳು ನಡೆದಿದ್ದು ವಿದ್ಯಾರ್ಥಿಗಳು ಆತಂಕಪಡುವ ಅಗತ್ಯವಿಲ್ಲ ಎಂದರು.
ಕಾರು ಡಿಕ್ಕಿ: ಜಿಂಕೆ ಮರಿ ಸಾವು
ಚಾಲಕನ ಬಂಧನ
ಮೈಸೂರು, ಫೆ.10- ಕಾರು ಡಿಕ್ಕಿ ಹೊಡೆದು ಜಿಂಕೆ ಮರಿ ಸಾವನ್ನಪ್ಪಿದ್ದು, ಚಾಲಕನನ್ನು ಬಂಧಿಸಲಾಗಿದೆ. ಬಂಡೀಪುರ ಹುಲಿ ಸಂರಕ್ಷಿತ ಅರಣ್ಯ ಪ್ರದೇಶದ ಮೂಲಕ ಹಾದು ಹೋಗುವ ರಾಷ್ಟ್ರೀಯ ಹೆದ್ದಾರಿ 766ರಲ್ಲಿ ಈ ಘಟನೆ ನಡೆದಿದೆ. ಅತಿ ವೇಗವಾಗಿ ಬಂದ ಕಾರು ರಸ್ತೆ ದಾಟುತ್ತಿದ್ದ ಜಿಂಕೆ ಮರಿಗೆ ಡಿಕ್ಕಿ ಹೊಡೆದಿದ್ದು, ಸ್ಥಳದಲ್ಲೇ ಜಿಂಕೆ ಮರಿ ಮೃತಪಟ್ಟಿದೆ. ಈ ಸಂಬಂಧ ಅರಣ್ಯ ಇಲಾಖೆ ಸಿಬ್ಬಂದಿ ಕಾರು ವಶಕ್ಕೆ ಪಡೆದು ಚಾಲಕನ ವಿರುದ್ಧ ವನ್ಯಜೀವಿ ಸಂರಕ್ಷಣಾ ಕಾಯ್ದೆಯಡಿ ಪ್ರಕರಣ ದಾಖಲಿಸಿದ್ದಾರೆ. ಬಳಿಕ ಆರೋಪಿಯನ್ನು ನ್ಯಾಯಾಂಗ ಬಂಧನಕ್ಕೆ ಒಪ್ಪಿಸಲಾಯಿತು ಎಂದು ಅರಣ್ಯಾಧಿಕಾರಿಗಳು ತಿಳಿಸಿದ್ದಾರೆ.
ಅದಾನಿ ಸಮೂಹ ಸಂಸ್ಥೆಗಳ ವಿರುದ್ಧ ಹಿಂಡನ್‌ಬರ್ಗ್ ಆರೋಪ
ಸುಪ್ರೀಂ ಕೋರ್ಟ್ ನ್ಯಾಯಮೂರ್ತಿ ಒಳಗೊಂಡ ಸಮಿತಿಯಿಂದ ತನಿಖೆ ಆಗ್ರಹ
ಮೈಸೂರು, ಫೆ.10(ಎಂಟಿವೈ)- ಅದಾನಿ ಸಮೂಹ ಸಂಸ್ಥೆಗಳ ವಿರುದ್ಧ ಹಿಂಡನ್‌ಬರ್ಗ್ ಸಂಶೋಧನಾ ಸಂಸ್ಥೆ ಮಾಡಿರುವ ಆರೋಪಗಳ ಕುರಿತು ಸುಪ್ರೀಂ ಕೋರ್ಟ್ ನ್ಯಾಯಮೂರ್ತಿ ಒಳಗೊಂಡ ಸಮಿತಿಯಿಂದ ತನಿಖೆ ನಡೆಸಬೇಕು ಎಂದು ಕಾಂಗ್ರೆಸ್ ಮುಖಂಡರು ಆಗ್ರಹಿಸಿದರು. ನಗರದಲ್ಲಿ ಸುದ್ದಿಗೋಷ್ಠಿಯಲ್ಲಿ ಮಾತನಾಡಿದ ಅವರು, ಎಲ್‌ಐಸಿ ಮತ್ತು ಎಸ್‌ಬಿಐನಲ್ಲಿ ಸಾರ್ವಜನಿಕರ ಹಣ ಹೂಡಿಕೆಯಾಗಿದ್ದು ಅದು ಅಪಾಯಕ್ಕೆ ಸಿಲುಕಿದೆ.
ಸರ್ಕಾರದ ಆಸ್ತಿಗಳನ್ನು ಖಾಸಗಿ ಕಂಪನಿಗಳಿಗೆ ಪರಭಾರೆ ಮಾಡುವ ಮೂಲಕ ಕೇಂದ್ರ ಸರ್ಕಾರ ದೇಶದ ಆರ್ಥಿಕತೆಯನ್ನು ಹಾಳು ಮಾಡುತ್ತಿದೆ. ಷೇರು ಮಾರುಕಟ್ಟೆಯಲ್ಲಿ ಹೂಡಿಕೆದಾರರು 10 ಲಕ್ಷ ಕೋಟಿ ರೂ. ಕಳೆದುಕೊಂಡಿದ್ದಾರೆ ಎಂದರು. ಅದಾನಿ ಸಮೂಹದ ಆಸ್ತಿ ಮೌಲ್ಯ 2014ರಲ್ಲಿ 50 ಸಾವಿರ ಕೋಟಿ ರೂ. ಇದ್ದದ್ದು 2022ರ ವೇಳೆಗೆ 17.59 ಲಕ್ಷ ಕೋಟಿಗೆ ಏರಿಕೆಯಾಗಿದೆ.
ನಿಜ ಹೇಳುವುದು: ಸಂಸದ
ಕ್ರೋಢೀಕರಿಸಿ ಮೋದಿ ಅವರ ಸರ್ಕಾರ ಜನರ ಹಣವನ್ನು ದುರ್ಬಳಕೆ ಮಾಡುತ್ತಿದೆ. ಇದರ ವಿರುದ್ಧ ಕಾಂಗ್ರೆಸ್ ರಾಷ್ಟ್ರವ್ಯಾಪಿ ಹೋರಾಟ ನಡೆಸಲಿದೆ. ಫೆ.13ರಂದು ಜಿಲ್ಲಾ ಕೇಂದ್ರಗಳಲ್ಲಿ ಪ್ರತಿಭಟನೆ ಹಮ್ಮಿಕೊಳ್ಳಲಾಗಿದೆ. ಸುದ್ದಿಗೋಷ್ಠಿಯಲ್ಲಿ ಪಕ್ಷದ ಪದಾಧಿಕಾರಿಗಳು ಉಪಸ್ಥಿತರಿದ್ದರು. ಬಿಜೆಪಿ ಸರ್ಕಾರ ಬಂಡವಾಳಶಾಹಿಗಳ ಪರವಾಗಿ ಕೆಲಸ ಮಾಡುತ್ತಿದೆ ಎಂದು ಆರೋಪಿಸಿದರು.
ಟೋಲ್‌ಗೆ ಆಕ್ರೋಶ
ಮೈಸೂರು-ಬೆಂಗಳೂರು ದಶಪಥ ಹೆದ್ದಾರಿಯಲ್ಲಿ ಟೋಲ್ ಸಂಗ್ರಹಕ್ಕೆ ಚಾಲನೆ ನೀಡಿದ್ದು, ಇದಕ್ಕೆ ವಾಹನ ಸವಾರರಿಂದ ಆಕ್ರೋಶ ವ್ಯಕ್ತವಾಗಿದೆ. ಹೆದ್ದಾರಿ ಕಾಮಗಾರಿ ಪೂರ್ಣಗೊಳ್ಳುವ ಮುನ್ನವೇ ಟೋಲ್ ಸಂಗ್ರಹ ಆರಂಭಿಸಿರುವುದು ಸರಿಯಲ್ಲ ಎಂದು ದೂರಿದ್ದಾರೆ.
ಮತ್ತೆ ಒಳಗೆ ಸೇರಿಕೊಂಡ ಮೇಲೆ ಕನಿಷ್ಠ ಶುಲ್ಕ ನಿಗದಿ ಮಾಡಬೇಕು ಎಂದು ಸಾರ್ವಜನಿಕರು ಆಗ್ರಹಿಸಿದ್ದಾರೆ. ಕಾರು, ಜೀಪು ಮತ್ತು ವ್ಯಾನ್‌ಗಳಿಗೆ ಏಕಮುಖ ಸಂಚಾರಕ್ಕೆ 135 ರೂ. ಹಾಗೂ ಅದೇ ದಿನ ಹಿಂದಿರುಗಿದರೆ 205 ರೂ. ನಿಗದಿಪಡಿಸಲಾಗಿದೆ. ಲಘು ವಾಣಿಜ್ಯ ವಾಹನಗಳಿಗೆ 220 ರೂ., ಬಸ್ ಮತ್ತು ಟ್ರಕ್‌ಗಳಿಗೆ 460 ರೂ. ಶುಲ್ಕ ನಿಗದಿಯಾಗಿದೆ. ಸ್ಥಳೀಯರಿಗೆ ರಿಯಾಯಿತಿ ನೀಡಬೇಕು, ಸರ್ವಿಸ್ ರಸ್ತೆ ಕಾಮಗಾರಿ ಪೂರ್ಣಗೊಳಿಸಬೇಕು ಎಂದು ರೈತ ಸಂಘದ ಮುಖಂಡರು ಒತ್ತಾಯಿಸಿದರು. ಸ್ಥಳೀಯ ಶಾಸಕರು ಮತ್ತು ಸಂಸದರು ಈ ಬಗ್ಗೆ ಕ್ರಮ ಕೈಗೊಳ್ಳಬೇಕು ಎಂದು ಮನವಿ ಮಾಡಿದ್ದಾರೆ.
